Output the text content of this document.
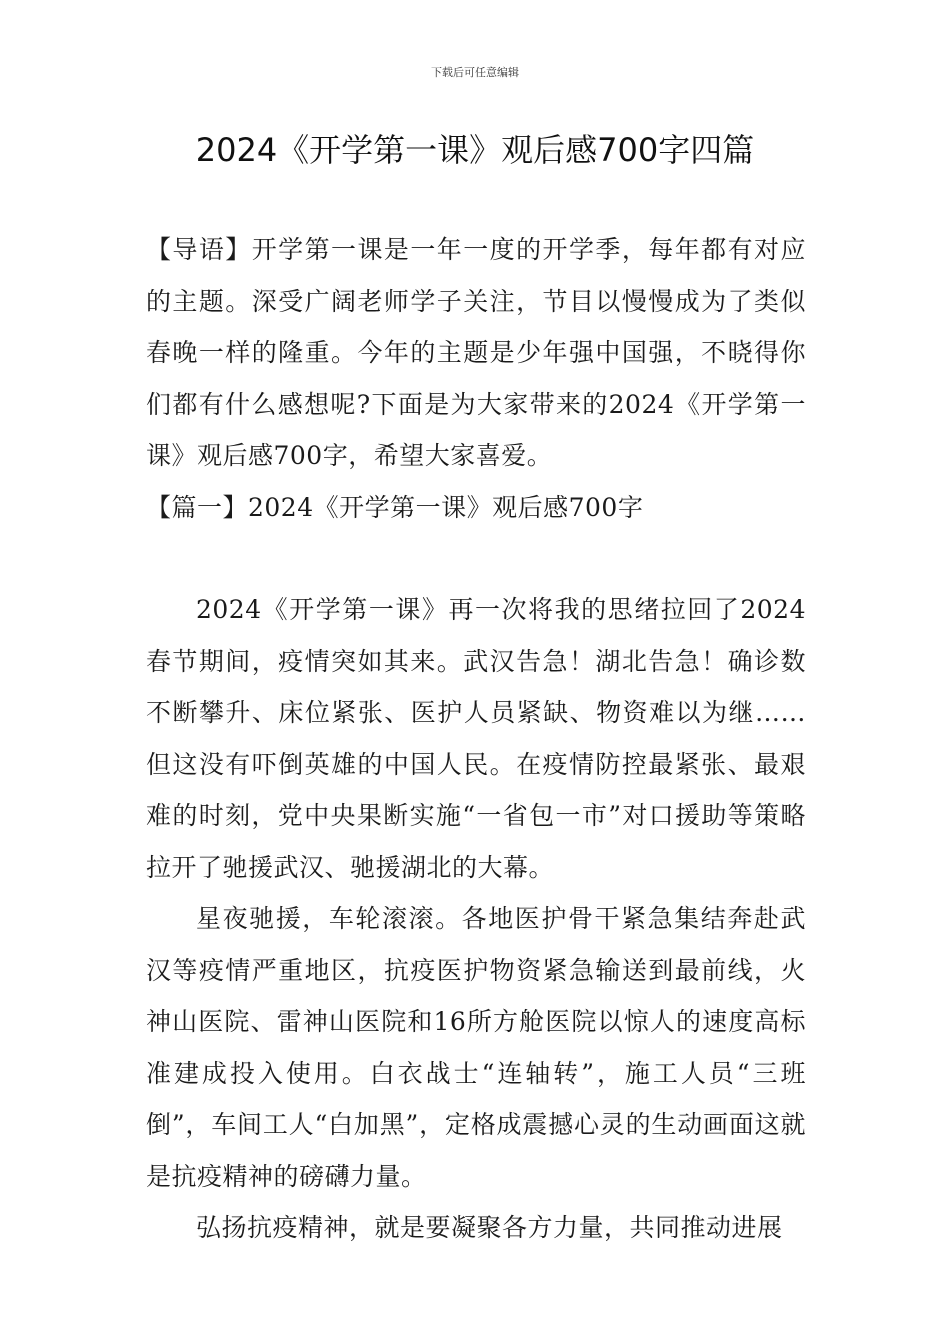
下载后可任意编辑
2024《开学第一课》观后感700字四篇

【导语】开学第一课是一年一度的开学季，每年都有对应的主题。深受广阔老师学子关注，节目以慢慢成为了类似春晚一样的隆重。今年的主题是少年强中国强，不晓得你们都有什么感想呢?下面是为大家带来的2024《开学第一课》观后感700字，希望大家喜爱。

【篇一】2024《开学第一课》观后感700字

2024《开学第一课》再一次将我的思绪拉回了2024春节期间，疫情突如其来。武汉告急！湖北告急！确诊数不断攀升、床位紧张、医护人员紧缺、物资难以为继……但这没有吓倒英雄的中国人民。在疫情防控最紧张、最艰难的时刻，党中央果断实施“一省包一市”对口援助等策略拉开了驰援武汉、驰援湖北的大幕。

星夜驰援，车轮滚滚。各地医护骨干紧急集结奔赴武汉等疫情严重地区，抗疫医护物资紧急输送到最前线，火神山医院、雷神山医院和16所方舱医院以惊人的速度高标准建成投入使用。白衣战士“连轴转”，施工人员“三班倒”，车间工人“白加黑”，定格成震撼心灵的生动画面这就是抗疫精神的磅礴力量。

弘扬抗疫精神，就是要凝聚各方力量，共同推动进展
